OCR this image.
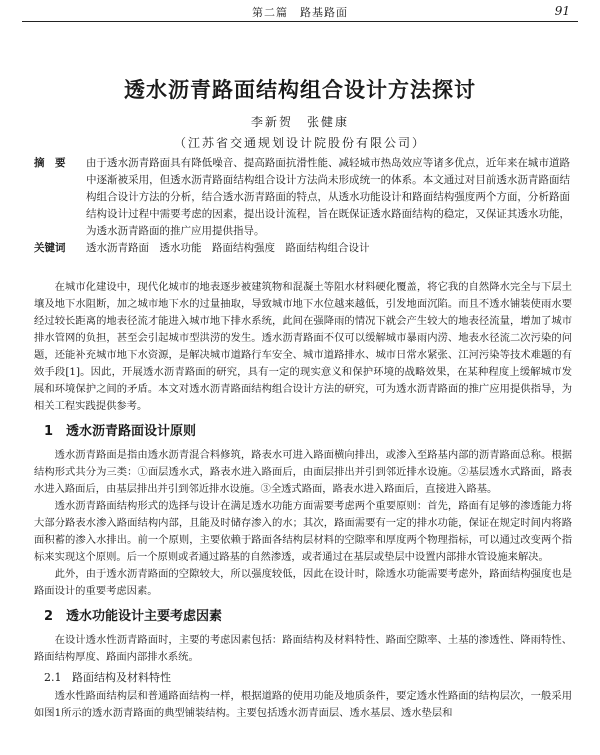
第二篇　路基路面	91
透水沥青路面结构组合设计方法探讨
李新贺　张健康
（江苏省交通规划设计院股份有限公司）
摘　要	由于透水沥青路面具有降低噪音、提高路面抗滑性能、减轻城市热岛效应等诸多优点，近年来在城市道路中逐渐被采用，但透水沥青路面结构组合设计方法尚未形成统一的体系。本文通过对目前透水沥青路面结构组合设计方法的分析，结合透水沥青路面的特点，从透水功能设计和路面结构强度两个方面，分析路面结构设计过程中需要考虑的因素，提出设计流程，旨在既保证透水路面结构的稳定，又保证其透水功能，为透水沥青路面的推广应用提供指导。
关键词	透水沥青路面　透水功能　路面结构强度　路面结构组合设计

在城市化建设中，现代化城市的地表逐步被建筑物和混凝土等阻水材料硬化覆盖，将它我的自然降水完全与下层土壤及地下水阻断，加之城市地下水的过量抽取，导致城市地下水位越来越低，引发地面沉陷。而且不透水铺装使雨水要经过较长距离的地表径流才能进入城市地下排水系统，此间在强降雨的情况下就会产生较大的地表径流量，增加了城市排水管网的负担，甚至会引起城市型洪涝的发生。透水沥青路面不仅可以缓解城市暴雨内涝、地表水径流二次污染的问题，还能补充城市地下水资源，是解决城市道路行车安全、城市道路排水、城市日常水紧张、江河污染等技术难题的有效手段[1]。因此，开展透水沥青路面的研究，具有一定的现实意义和保护环境的战略效果，在某种程度上缓解城市发展和环境保护之间的矛盾。本文对透水沥青路面结构组合设计方法的研究，可为透水沥青路面的推广应用提供指导，为相关工程实践提供参考。

1 透水沥青路面设计原则

透水沥青路面是指由透水沥青混合料修筑，路表水可进入路面横向排出，或渗入至路基内部的沥青路面总称。根据结构形式共分为三类：①面层透水式，路表水进入路面后，由面层排出并引到邻近排水设施。②基层透水式路面，路表水进入路面后，由基层排出并引到邻近排水设施。③全透式路面，路表水进入路面后，直接进入路基。

透水沥青路面结构形式的选择与设计在满足透水功能方面需要考虑两个重要原则：首先，路面有足够的渗透能力将大部分路表水渗入路面结构内部，且能及时储存渗入的水；其次，路面需要有一定的排水功能，保证在规定时间内将路面积蓄的渗入水排出。前一个原则，主要依赖于路面各结构层材料的空隙率和厚度两个物理指标，可以通过改变两个指标来实现这个原则。后一个原则或者通过路基的自然渗透，或者通过在基层或垫层中设置内部排水管设施来解决。

此外，由于透水沥青路面的空隙较大，所以强度较低，因此在设计时，除透水功能需要考虑外，路面结构强度也是路面设计的重要考虑因素。

2 透水功能设计主要考虑因素

在设计透水性沥青路面时，主要的考虑因素包括：路面结构及材料特性、路面空隙率、土基的渗透性、降雨特性、路面结构厚度、路面内部排水系统。

2.1 路面结构及材料特性

透水性路面结构层和普通路面结构一样，根据道路的使用功能及地质条件，要定透水性路面的结构层次，一般采用如图1所示的透水沥青路面的典型铺装结构。主要包括透水沥青面层、透水基层、透水垫层和
